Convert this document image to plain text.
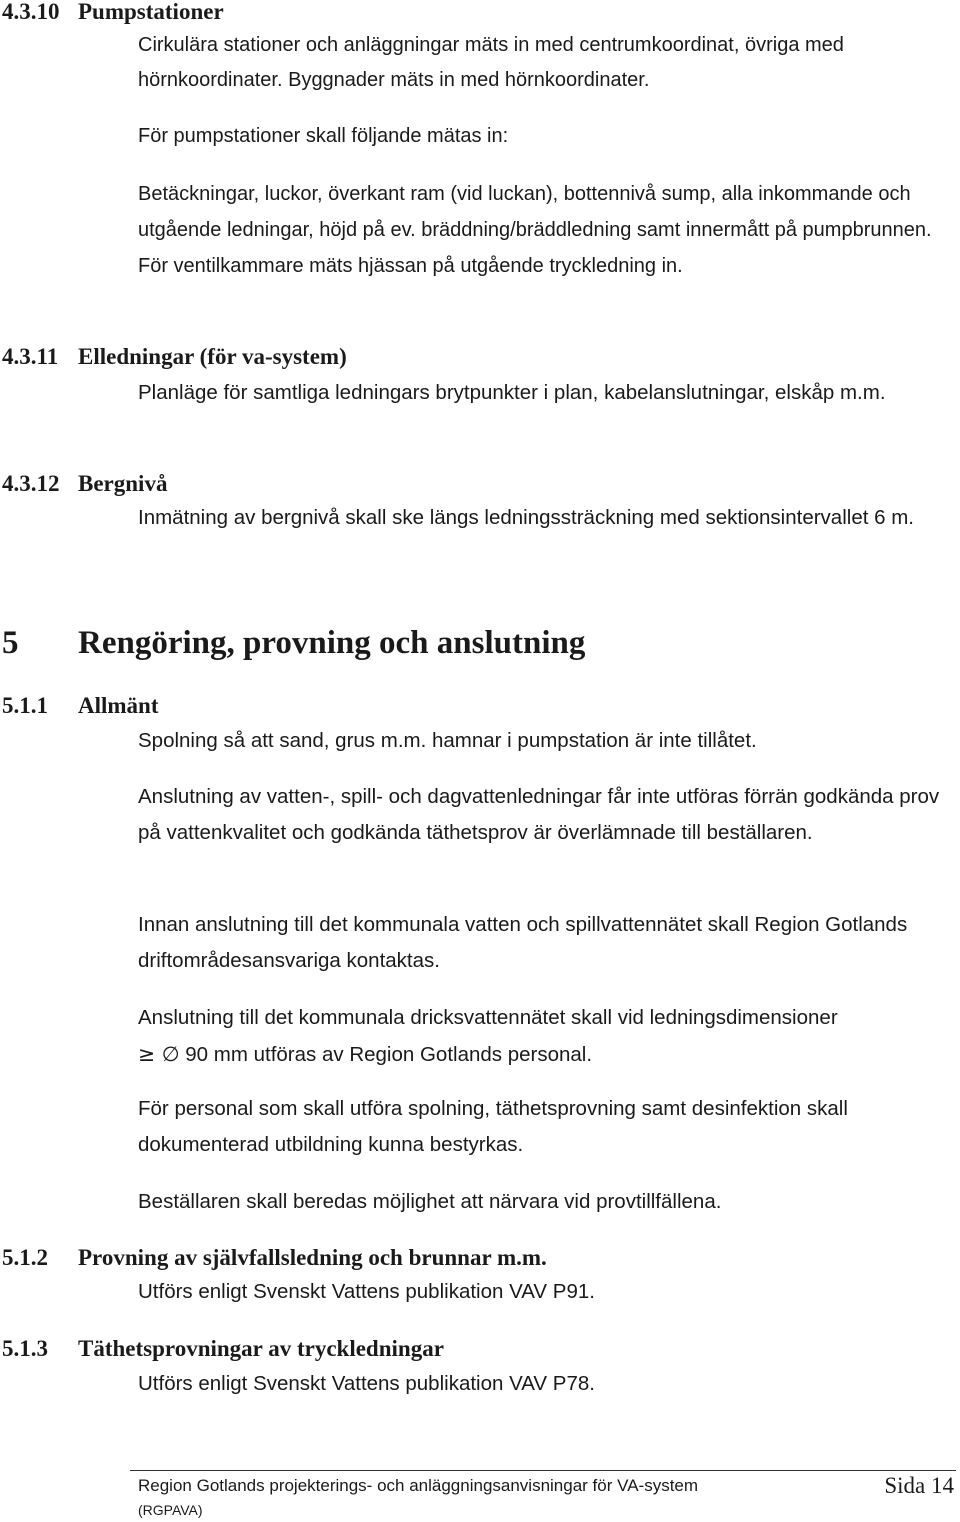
4.3.10 Pumpstationer

Cirkulära stationer och anläggningar mäts in med centrumkoordinat, övriga med hörnkoordinater. Byggnader mäts in med hörnkoordinater.

För pumpstationer skall följande mätas in:

Betäckningar, luckor, överkant ram (vid luckan), bottennivå sump, alla inkommande och utgående ledningar, höjd på ev. bräddning/bräddledning samt innermått på pumpbrunnen. För ventilkammare mäts hjässan på utgående tryckledning in.

4.3.11 Elledningar (för va-system)

Planläge för samtliga ledningars brytpunkter i plan, kabelanslutningar, elskåp m.m.

4.3.12 Bergnivå

Inmätning av bergnivå skall ske längs ledningssträckning med sektionsintervallet 6 m.

5 Rengöring, provning och anslutning
5.1.1 Allmänt

Spolning så att sand, grus m.m. hamnar i pumpstation är inte tillåtet.

Anslutning av vatten-, spill- och dagvattenledningar får inte utföras förrän godkända prov på vattenkvalitet och godkända täthetsprov är överlämnade till beställaren.

Innan anslutning till det kommunala vatten och spillvattennätet skall Region Gotlands driftområdesansvariga kontaktas.

Anslutning till det kommunala dricksvattennätet skall vid ledningsdimensioner
≥ ∅ 90 mm utföras av Region Gotlands personal.

För personal som skall utföra spolning, täthetsprovning samt desinfektion skall dokumenterad utbildning kunna bestyrkas.

Beställaren skall beredas möjlighet att närvara vid provtillfällena.

5.1.2 Provning av självfallsledning och brunnar m.m.

Utförs enligt Svenskt Vattens publikation VAV P91.

5.1.3 Täthetsprovningar av tryckledningar

Utförs enligt Svenskt Vattens publikation VAV P78.

Region Gotlands projekterings- och anläggningsanvisningar för VA-system
(RGPAVA)
Sida 14
